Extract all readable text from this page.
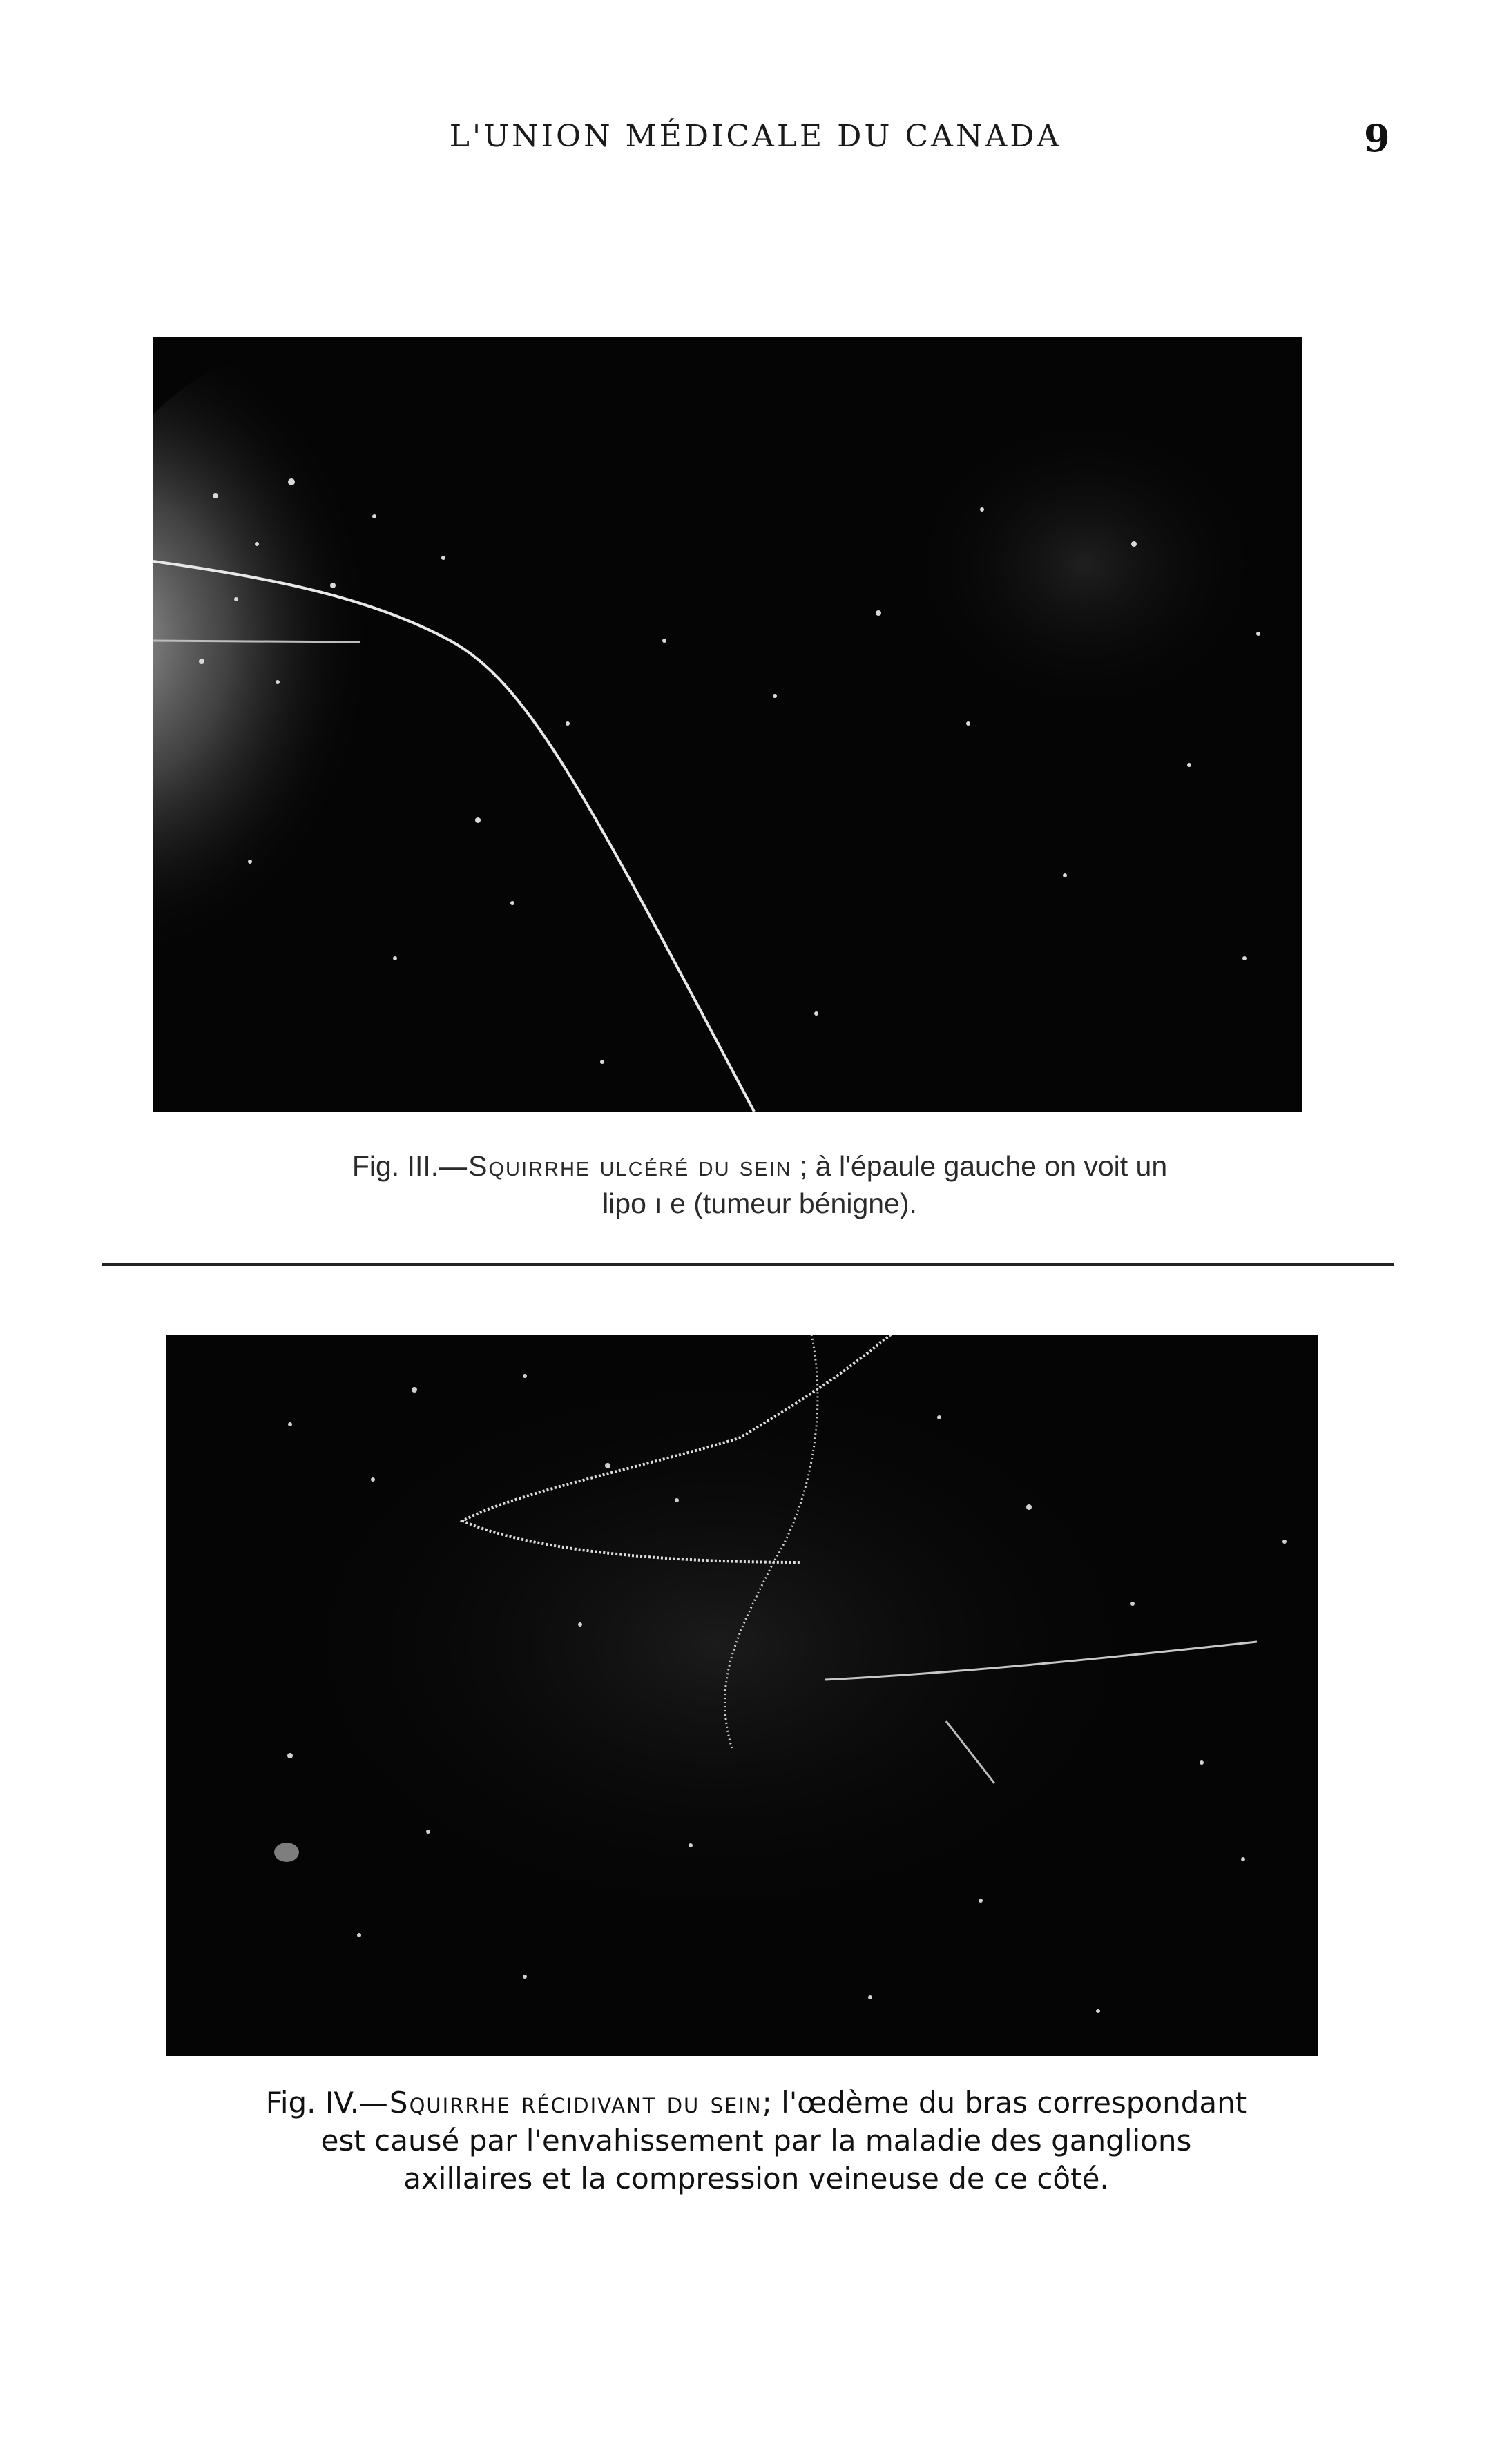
L'UNION MÉDICALE DU CANADA	9
Fig. III.—Squirrhe ulcéré du sein ; à l'épaule gauche on voit un
lipo ı e (tumeur bénigne).
Fig. IV.—Squirrhe récidivant du sein; l'œdème du bras correspondant
est causé par l'envahissement par la maladie des ganglions
axillaires et la compression veineuse de ce côté.
